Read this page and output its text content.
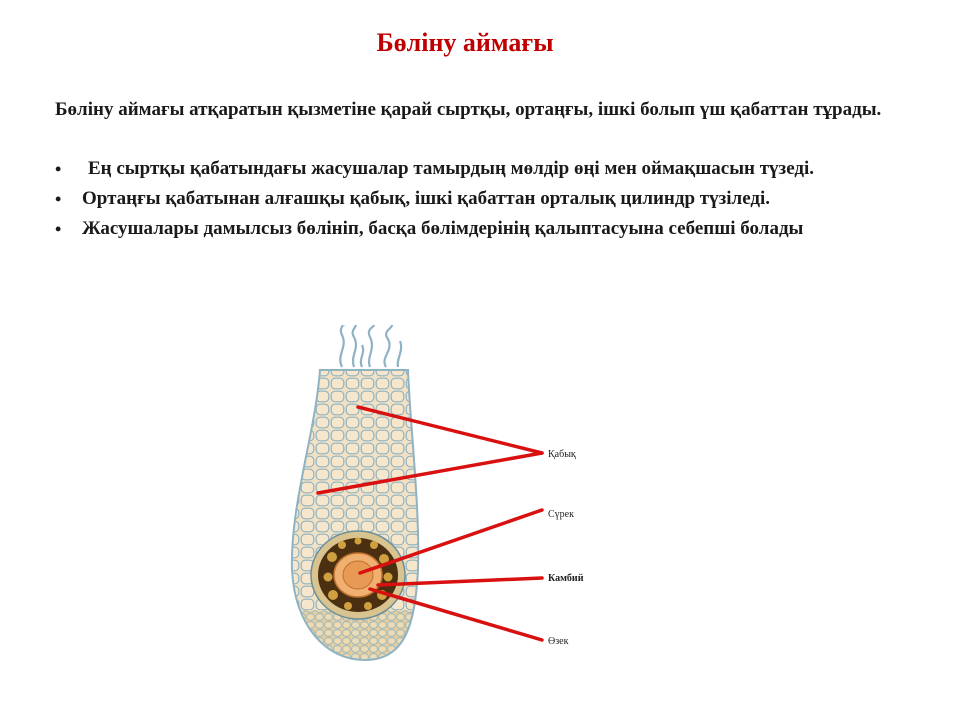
Бөліну аймағы
Бөліну аймағы атқаратын қызметіне қарай сыртқы, ортаңғы, ішкі болып үш қабаттан тұрады.
• Ең сыртқы қабатындағы жасушалар тамырдың мөлдір өңі мен оймақшасын түзеді.
• Ортаңғы қабатынан алғашқы қабық, ішкі қабаттан орталық цилиндр түзіледі.
• Жасушалары дамылсыз бөлініп, басқа бөлімдерінің қалыптасуына себепші болады
Қабық
Сүрек
Камбий
Өзек
